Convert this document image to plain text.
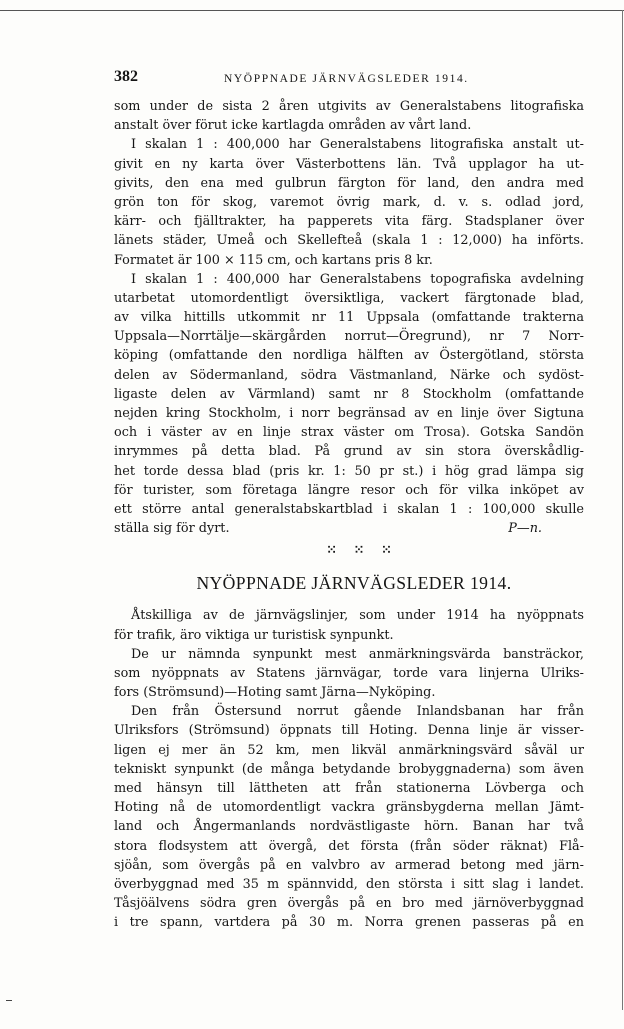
382	NYÖPPNADE JÄRNVÄGSLEDER 1914.
som under de sista 2 åren utgivits av Generalstabens litografiska
anstalt över förut icke kartlagda områden av vårt land.
I skalan 1 : 400,000 har Generalstabens litografiska anstalt ut-
givit en ny karta över Västerbottens län. Två upplagor ha ut-
givits, den ena med gulbrun färgton för land, den andra med
grön ton för skog, varemot övrig mark, d. v. s. odlad jord,
kärr- och fjälltrakter, ha papperets vita färg. Stadsplaner över
länets städer, Umeå och Skellefteå (skala 1 : 12,000) ha införts.
Formatet är 100 × 115 cm, och kartans pris 8 kr.
I skalan 1 : 400,000 har Generalstabens topografiska avdelning
utarbetat utomordentligt översiktliga, vackert färgtonade blad,
av vilka hittills utkommit nr 11 Uppsala (omfattande trakterna
Uppsala—Norrtälje—skärgården norrut—Öregrund), nr 7 Norr-
köping (omfattande den nordliga hälften av Östergötland, största
delen av Södermanland, södra Västmanland, Närke och sydöst-
ligaste delen av Värmland) samt nr 8 Stockholm (omfattande
nejden kring Stockholm, i norr begränsad av en linje över Sigtuna
och i väster av en linje strax väster om Trosa). Gotska Sandön
inrymmes på detta blad. På grund av sin stora överskådlig-
het torde dessa blad (pris kr. 1: 50 pr st.) i hög grad lämpa sig
för turister, som företaga längre resor och för vilka inköpet av
ett större antal generalstabskartblad i skalan 1 : 100,000 skulle
ställa sig för dyrt.	P—n.
⁙ ⁙ ⁙
NYÖPPNADE JÄRNVÄGSLEDER 1914.
Åtskilliga av de järnvägslinjer, som under 1914 ha nyöppnats
för trafik, äro viktiga ur turistisk synpunkt.
De ur nämnda synpunkt mest anmärkningsvärda bansträckor,
som nyöppnats av Statens järnvägar, torde vara linjerna Ulriks-
fors (Strömsund)—Hoting samt Järna—Nyköping.
Den från Östersund norrut gående Inlandsbanan har från
Ulriksfors (Strömsund) öppnats till Hoting. Denna linje är visser-
ligen ej mer än 52 km, men likväl anmärkningsvärd såväl ur
tekniskt synpunkt (de många betydande brobyggnaderna) som även
med hänsyn till lättheten att från stationerna Lövberga och
Hoting nå de utomordentligt vackra gränsbygderna mellan Jämt-
land och Ångermanlands nordvästligaste hörn. Banan har två
stora flodsystem att övergå, det första (från söder räknat) Flå-
sjöån, som övergås på en valvbro av armerad betong med järn-
överbyggnad med 35 m spännvidd, den största i sitt slag i landet.
Tåsjöälvens södra gren övergås på en bro med järnöverbyggnad
i tre spann, vartdera på 30 m. Norra grenen passeras på en
